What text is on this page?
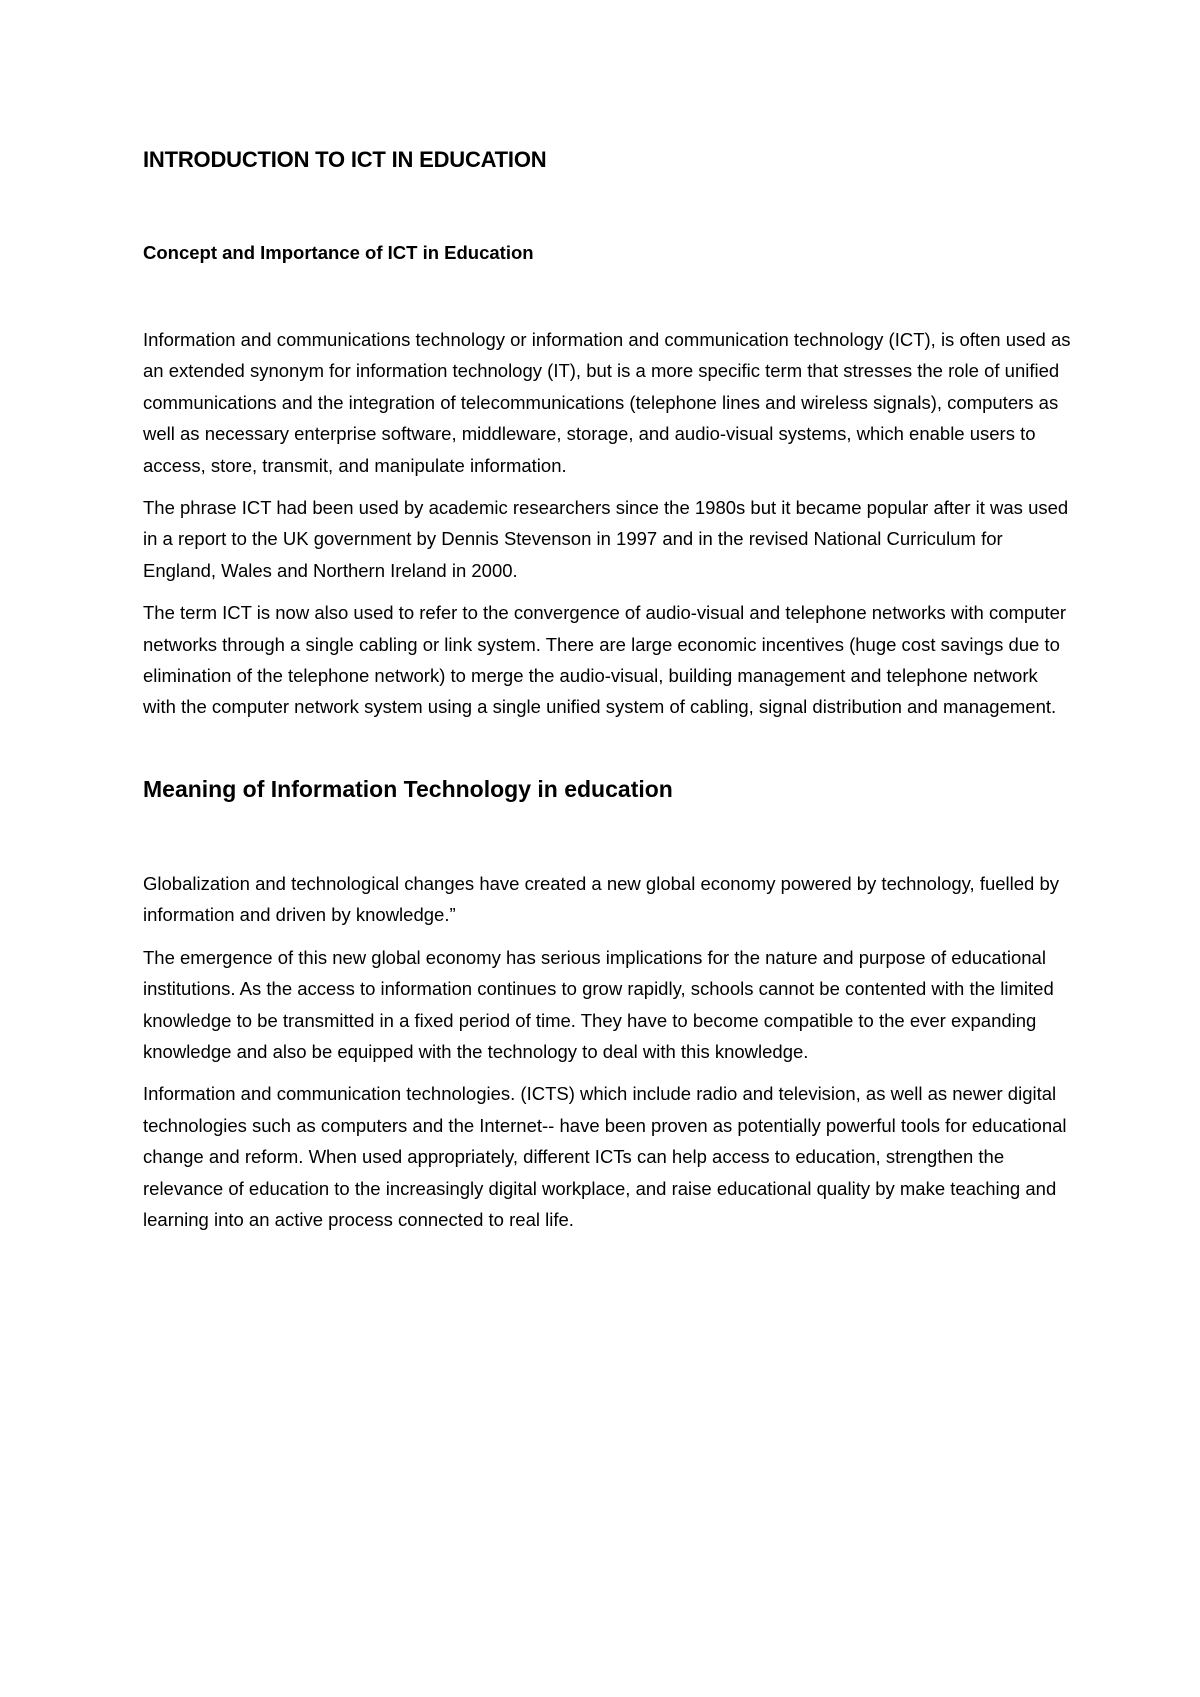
INTRODUCTION TO ICT IN EDUCATION
Concept and Importance of ICT in Education

Information and communications technology or information and communication technology (ICT), is often used as an extended synonym for information technology (IT), but is a more specific term that stresses the role of unified communications and the integration of telecommunications (telephone lines and wireless signals), computers as well as necessary enterprise software, middleware, storage, and audio-visual systems, which enable users to access, store, transmit, and manipulate information.

The phrase ICT had been used by academic researchers since the 1980s but it became popular after it was used in a report to the UK government by Dennis Stevenson in 1997 and in the revised National Curriculum for England, Wales and Northern Ireland in 2000.

The term ICT is now also used to refer to the convergence of audio-visual and telephone networks with computer networks through a single cabling or link system. There are large economic incentives (huge cost savings due to elimination of the telephone network) to merge the audio-visual, building management and telephone network with the computer network system using a single unified system of cabling, signal distribution and management.

Meaning of Information Technology in education

Globalization and technological changes have created a new global economy powered by technology, fuelled by information and driven by knowledge.”

The emergence of this new global economy has serious implications for the nature and purpose of educational institutions. As the access to information continues to grow rapidly, schools cannot be contented with the limited knowledge to be transmitted in a fixed period of time. They have to become compatible to the ever expanding knowledge and also be equipped with the technology to deal with this knowledge.

Information and communication technologies. (ICTS) which include radio and television, as well as newer digital technologies such as computers and the Internet-- have been proven as potentially powerful tools for educational change and reform. When used appropriately, different ICTs can help access to education, strengthen the relevance of education to the increasingly digital workplace, and raise educational quality by make teaching and learning into an active process connected to real life.
